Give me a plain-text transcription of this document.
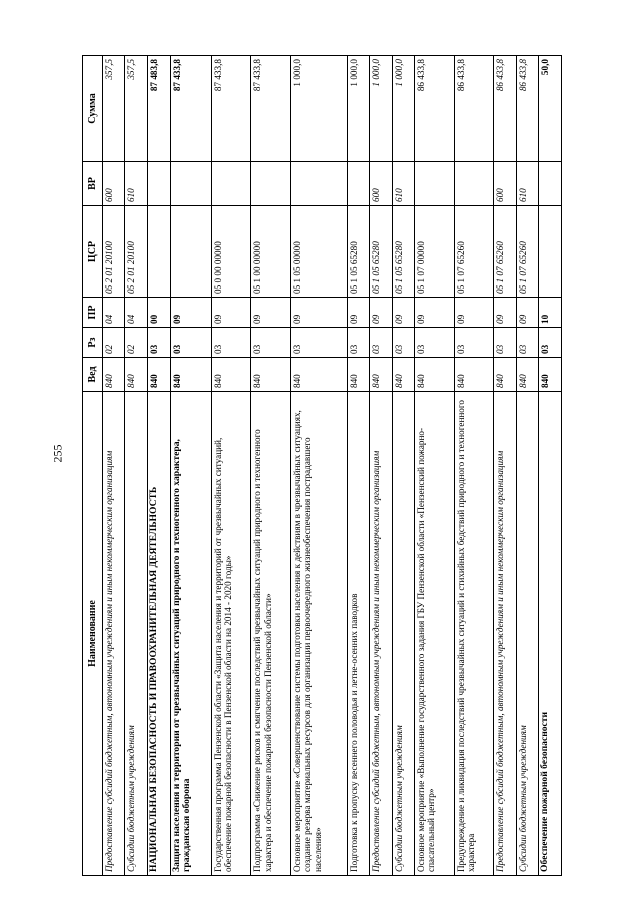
255
Наименование	Вед	Рз	ПР	ЦСР	ВР	Сумма
Предоставление субсидий бюджетным, автономным учреждениям и иным некоммерческим организациям	840	02	04	05 2 01 20100	600	357,5
Субсидии бюджетным учреждениям	840	02	04	05 2 01 20100	610	357,5
НАЦИОНАЛЬНАЯ БЕЗОПАСНОСТЬ И ПРАВООХРАНИТЕЛЬНАЯ ДЕЯТЕЛЬНОСТЬ	840	03	00			87 483,8
Защита населения и территории от чрезвычайных ситуаций природного и техногенного характера, гражданская оборона	840	03	09			87 433,8
Государственная программа Пензенской области «Защита населения и территорий от чрезвычайных ситуаций, обеспечение пожарной безопасности в Пензенской области на 2014 - 2020 годы»	840	03	09	05 0 00 00000		87 433,8
Подпрограмма «Снижение рисков и смягчение последствий чрезвычайных ситуаций природного и техногенного характера и обеспечение пожарной безопасности Пензенской области»	840	03	09	05 1 00 00000		87 433,8
Основное мероприятие «Совершенствование системы подготовки населения к действиям в чрезвычайных ситуациях, создание резерва материальных ресурсов для организации первоочередного жизнеобеспечения пострадавшего населения»	840	03	09	05 1 05 00000		1 000,0
Подготовка к пропуску весеннего половодья и летне-осенних паводков	840	03	09	05 1 05 65280		1 000,0
Предоставление субсидий бюджетным, автономным учреждениям и иным некоммерческим организациям	840	03	09	05 1 05 65280	600	1 000,0
Субсидии бюджетным учреждениям	840	03	09	05 1 05 65280	610	1 000,0
Основное мероприятие «Выполнение государственного задания ГБУ Пензенской области «Пензенский пожарно-спасательный центр»	840	03	09	05 1 07 00000		86 433,8
Предупреждение и ликвидация последствий чрезвычайных ситуаций и стихийных бедствий природного и техногенного характера	840	03	09	05 1 07 65260		86 433,8
Предоставление субсидий бюджетным, автономным учреждениям и иным некоммерческим организациям	840	03	09	05 1 07 65260	600	86 433,8
Субсидии бюджетным учреждениям	840	03	09	05 1 07 65260	610	86 433,8
Обеспечение пожарной безопасности	840	03	10			50,0
